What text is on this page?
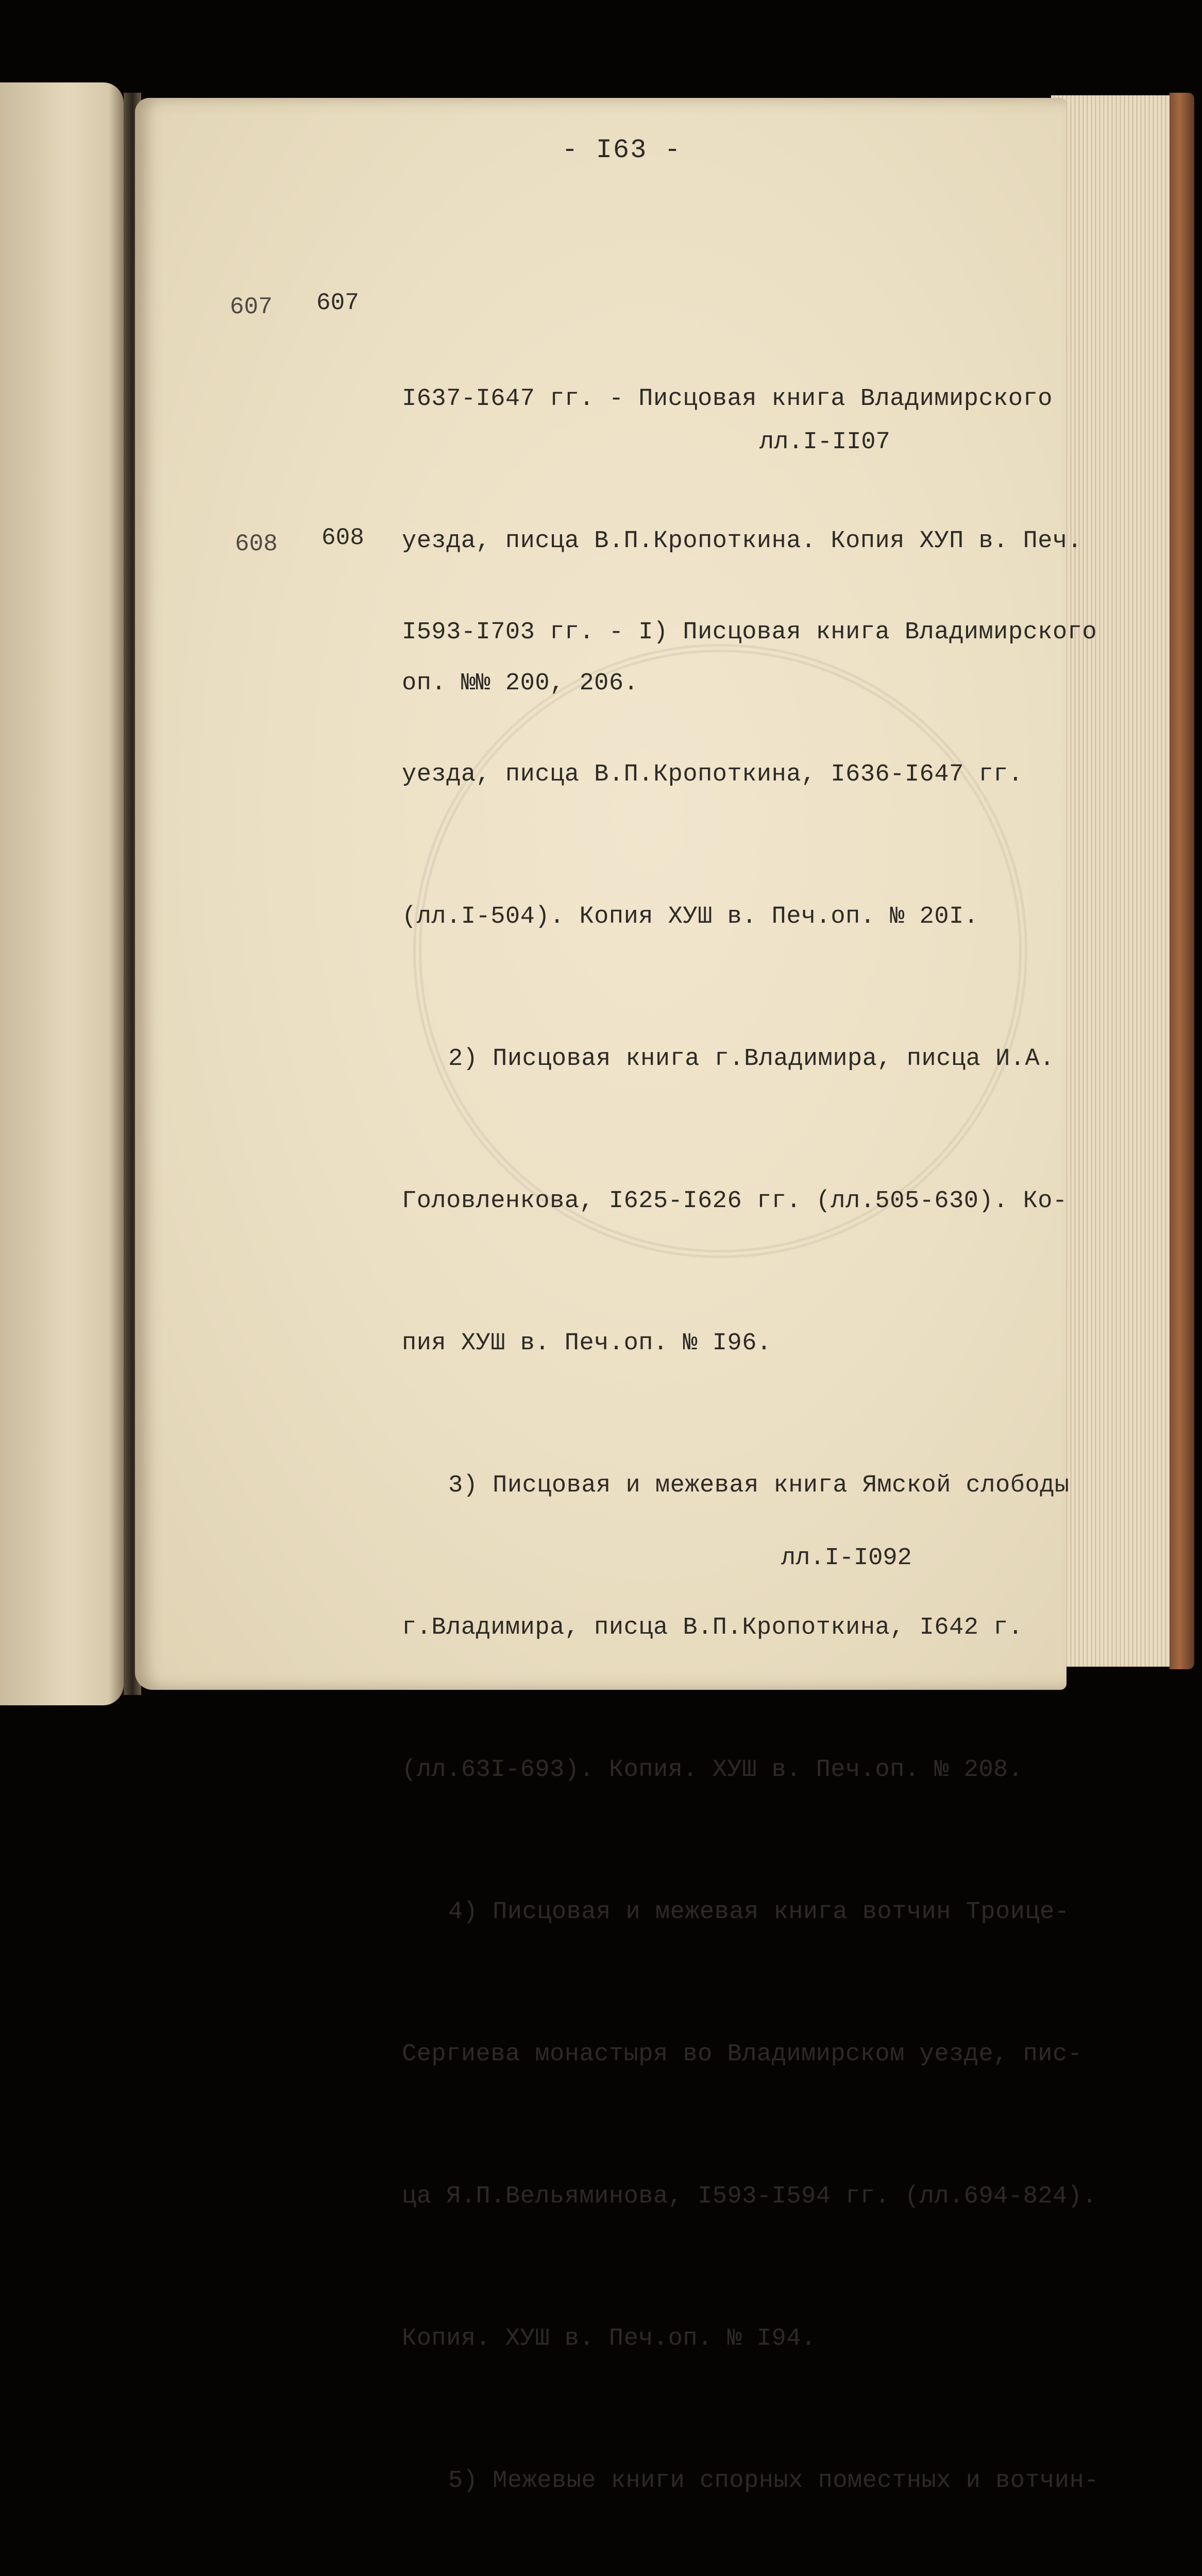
- I63 -
607 607

I637-I647 гг. - Писцовая книга Владимирского

уезда, писца В.П.Кропоткина. Копия ХУП в. Печ.

оп. №№ 200, 206.

лл.I-II07
608 608

I593-I703 гг. - I) Писцовая книга Владимирского

уезда, писца В.П.Кропоткина, I636-I647 гг.

(лл.I-504). Копия ХУШ в. Печ.оп. № 20I.

2) Писцовая книга г.Владимира, писца И.А.

Головленкова, I625-I626 гг. (лл.505-630). Ко-

пия ХУШ в. Печ.оп. № I96.

3) Писцовая и межевая книга Ямской слободы

г.Владимира, писца В.П.Кропоткина, I642 г.

(лл.63I-693). Копия. ХУШ в. Печ.оп. № 208.

4) Писцовая и межевая книга вотчин Троице-

Сергиева монастыря во Владимирском уезде, пис-

ца Я.П.Вельяминова, I593-I594 гг. (лл.694-824).

Копия. ХУШ в. Печ.оп. № I94.

5) Межевые книги спорных поместных и вотчин-

лл.I-I092
